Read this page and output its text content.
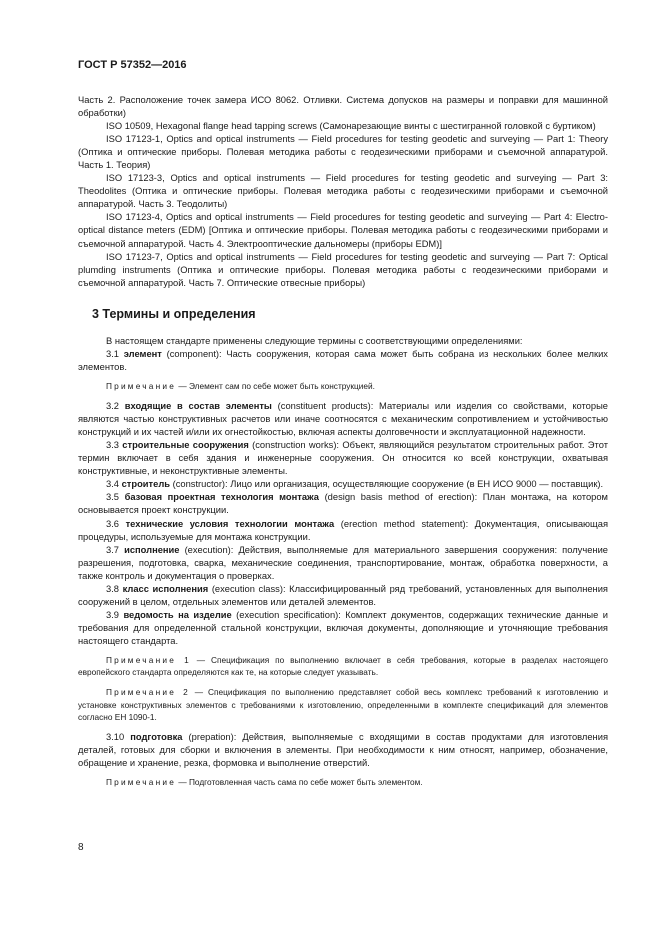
ГОСТ Р 57352—2016

Часть 2. Расположение точек замера ИСО 8062. Отливки. Система допусков на размеры и поправки для машинной обработки)

ISO 10509, Hexagonal flange head tapping screws (Самонарезающие винты с шестигранной головкой с буртиком)

ISO 17123-1, Optics and optical instruments — Field procedures for testing geodetic and surveying — Part 1: Theory (Оптика и оптические приборы. Полевая методика работы с геодезическими приборами и съемочной аппаратурой. Часть 1. Теория)

ISO 17123-3, Optics and optical instruments — Field procedures for testing geodetic and surveying — Part 3: Theodolites (Оптика и оптические приборы. Полевая методика работы с геодезическими приборами и съемочной аппаратурой. Часть 3. Теодолиты)

ISO 17123-4, Optics and optical instruments — Field procedures for testing geodetic and surveying — Part 4: Electro-optical distance meters (EDM) [Оптика и оптические приборы. Полевая методика работы с геодезическими приборами и съемочной аппаратурой. Часть 4. Электрооптические дальномеры (приборы EDM)]

ISO 17123-7, Optics and optical instruments — Field procedures for testing geodetic and surveying — Part 7: Optical plumding instruments (Оптика и оптические приборы. Полевая методика работы с геодезическими приборами и съемочной аппаратурой. Часть 7. Оптические отвесные приборы)

3 Термины и определения

В настоящем стандарте применены следующие термины с соответствующими определениями:

3.1 элемент (component): Часть сооружения, которая сама может быть собрана из нескольких более мелких элементов.

Примечание — Элемент сам по себе может быть конструкцией.

3.2 входящие в состав элементы (constituent products): Материалы или изделия со свойствами, которые являются частью конструктивных расчетов или иначе соотносятся с механическим сопротивлением и устойчивостью конструкций и их частей и/или их огнестойкостью, включая аспекты долговечности и эксплуатационной надежности.

3.3 строительные сооружения (construction works): Объект, являющийся результатом строительных работ. Этот термин включает в себя здания и инженерные сооружения. Он относится ко всей конструкции, охватывая конструктивные, и неконструктивные элементы.

3.4 строитель (constructor): Лицо или организация, осуществляющие сооружение (в ЕН ИСО 9000 — поставщик).

3.5 базовая проектная технология монтажа (design basis method of erection): План монтажа, на котором основывается проект конструкции.

3.6 технические условия технологии монтажа (erection method statement): Документация, описывающая процедуры, используемые для монтажа конструкции.

3.7 исполнение (execution): Действия, выполняемые для материального завершения сооружения: получение разрешения, подготовка, сварка, механические соединения, транспортирование, монтаж, обработка поверхности, а также контроль и документация о проверках.

3.8 класс исполнения (execution class): Классифицированный ряд требований, установленных для выполнения сооружений в целом, отдельных элементов или деталей элементов.

3.9 ведомость на изделие (execution specification): Комплект документов, содержащих технические данные и требования для определенной стальной конструкции, включая документы, дополняющие и уточняющие требования настоящего стандарта.

Примечание 1 — Спецификация по выполнению включает в себя требования, которые в разделах настоящего европейского стандарта определяются как те, на которые следует указывать.

Примечание 2 — Спецификация по выполнению представляет собой весь комплекс требований к изготовлению и установке конструктивных элементов с требованиями к изготовлению, определенными в комплекте спецификаций для элементов согласно ЕН 1090-1.

3.10 подготовка (prepation): Действия, выполняемые с входящими в состав продуктами для изготовления деталей, готовых для сборки и включения в элементы. При необходимости к ним относят, например, обозначение, обращение и хранение, резка, формовка и выполнение отверстий.

Примечание — Подготовленная часть сама по себе может быть элементом.

8
